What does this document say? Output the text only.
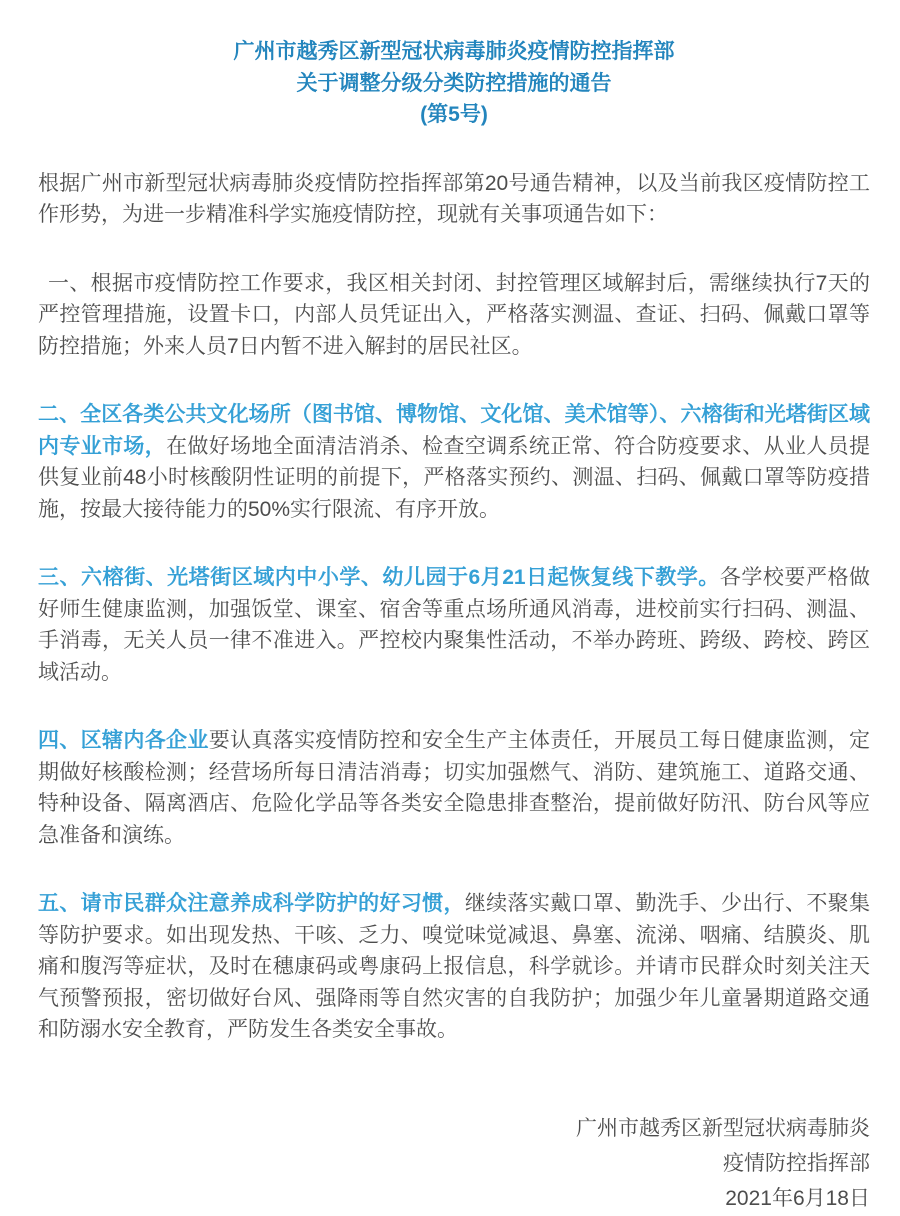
广州市越秀区新型冠状病毒肺炎疫情防控指挥部
关于调整分级分类防控措施的通告
(第5号)

根据广州市新型冠状病毒肺炎疫情防控指挥部第20号通告精神，以及当前我区疫情防控工作形势，为进一步精准科学实施疫情防控，现就有关事项通告如下：

一、根据市疫情防控工作要求，我区相关封闭、封控管理区域解封后，需继续执行7天的严控管理措施，设置卡口，内部人员凭证出入，严格落实测温、查证、扫码、佩戴口罩等防控措施；外来人员7日内暂不进入解封的居民社区。

二、全区各类公共文化场所（图书馆、博物馆、文化馆、美术馆等）、六榕街和光塔街区域内专业市场，在做好场地全面清洁消杀、检查空调系统正常、符合防疫要求、从业人员提供复业前48小时核酸阴性证明的前提下，严格落实预约、测温、扫码、佩戴口罩等防疫措施，按最大接待能力的50%实行限流、有序开放。

三、六榕街、光塔街区域内中小学、幼儿园于6月21日起恢复线下教学。各学校要严格做好师生健康监测，加强饭堂、课室、宿舍等重点场所通风消毒，进校前实行扫码、测温、手消毒，无关人员一律不准进入。严控校内聚集性活动，不举办跨班、跨级、跨校、跨区域活动。

四、区辖内各企业要认真落实疫情防控和安全生产主体责任，开展员工每日健康监测，定期做好核酸检测；经营场所每日清洁消毒；切实加强燃气、消防、建筑施工、道路交通、特种设备、隔离酒店、危险化学品等各类安全隐患排查整治，提前做好防汛、防台风等应急准备和演练。

五、请市民群众注意养成科学防护的好习惯，继续落实戴口罩、勤洗手、少出行、不聚集等防护要求。如出现发热、干咳、乏力、嗅觉味觉减退、鼻塞、流涕、咽痛、结膜炎、肌痛和腹泻等症状，及时在穗康码或粤康码上报信息，科学就诊。并请市民群众时刻关注天气预警预报，密切做好台风、强降雨等自然灾害的自我防护；加强少年儿童暑期道路交通和防溺水安全教育，严防发生各类安全事故。

广州市越秀区新型冠状病毒肺炎
疫情防控指挥部
2021年6月18日
